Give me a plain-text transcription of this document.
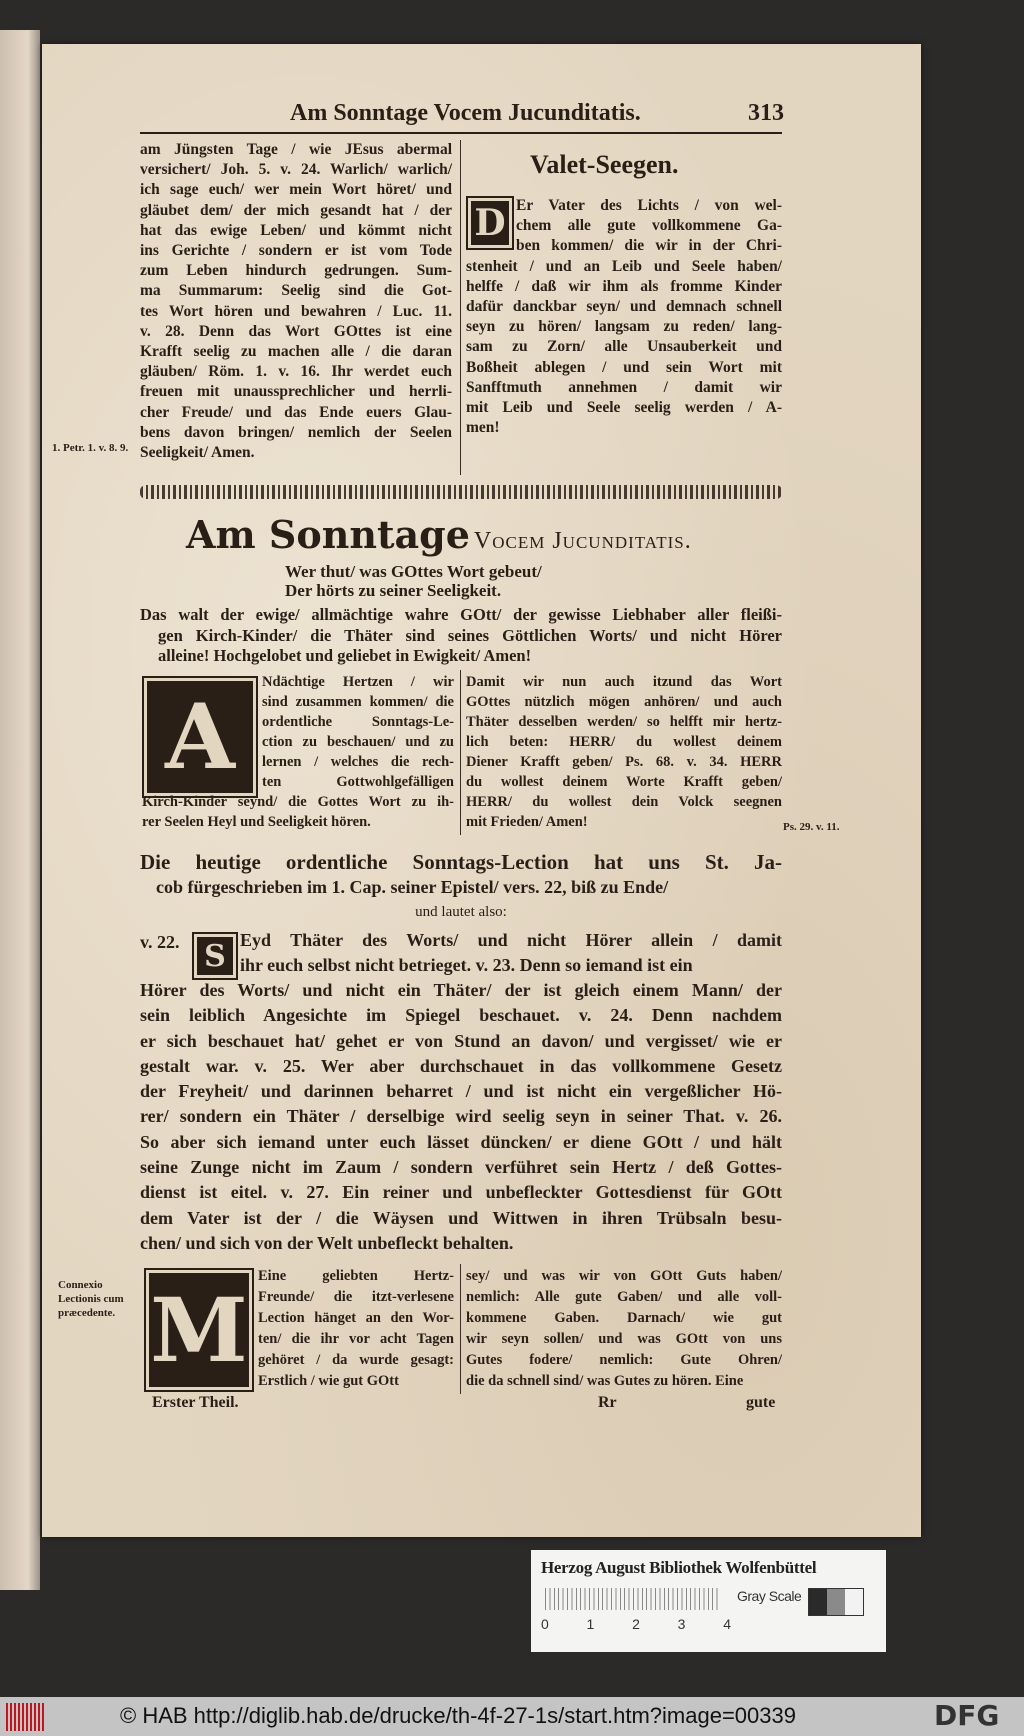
Am Sonntage Vocem Jucunditatis.	313
am Jüngsten Tage / wie JEsus abermal
versichert/ Joh. 5. v. 24. Warlich/ warlich/
ich sage euch/ wer mein Wort höret/ und
gläubet dem/ der mich gesandt hat / der
hat das ewige Leben/ und kömmt nicht
ins Gerichte / sondern er ist vom Tode
zum Leben hindurch gedrungen. Sum-
ma Summarum: Seelig sind die Got-
tes Wort hören und bewahren / Luc. 11.
v. 28. Denn das Wort GOttes ist eine
Krafft seelig zu machen alle / die daran
gläuben/ Röm. 1. v. 16. Ihr werdet euch
freuen mit unaussprechlicher und herrli-
cher Freude/ und das Ende euers Glau-
bens davon bringen/ nemlich der Seelen
Seeligkeit/ Amen.
1. Petr. 1. v. 8. 9.
Valet-Seegen.
D Er Vater des Lichts / von wel-
chem alle gute vollkommene Ga-
ben kommen/ die wir in der Chri-
stenheit / und an Leib und Seele haben/
helffe / daß wir ihm als fromme Kinder
dafür danckbar seyn/ und demnach schnell
seyn zu hören/ langsam zu reden/ lang-
sam zu Zorn/ alle Unsauberkeit und
Boßheit ablegen / und sein Wort mit
Sanfftmuth annehmen / damit wir
mit Leib und Seele seelig werden / A-
men!
Am Sonntage Vocem Jucunditatis.
Wer thut/ was GOttes Wort gebeut/
Der hörts zu seiner Seeligkeit.
Das walt der ewige/ allmächtige wahre GOtt/ der gewisse Liebhaber aller fleißi-
gen Kirch-Kinder/ die Thäter sind seines Göttlichen Worts/ und nicht Hörer
alleine! Hochgelobet und geliebet in Ewigkeit/ Amen!
A
Ndächtige Hertzen / wir
sind zusammen kommen/ die
ordentliche Sonntags-Le-
ction zu beschauen/ und zu
lernen / welches die rech-
ten Gottwohlgefälligen
Kirch-Kinder seynd/ die Gottes Wort zu ih-
rer Seelen Heyl und Seeligkeit hören.
Damit wir nun auch itzund das Wort
GOttes nützlich mögen anhören/ und auch
Thäter desselben werden/ so helfft mir hertz-
lich beten: HERR/ du wollest deinem
Diener Krafft geben/ Ps. 68. v. 34. HERR
du wollest deinem Worte Krafft geben/
HERR/ du wollest dein Volck seegnen
mit Frieden/ Amen!	Ps. 29. v. 11.
Die heutige ordentliche Sonntags-Lection hat uns St. Ja-
cob fürgeschrieben im 1. Cap. seiner Epistel/ vers. 22, biß zu Ende/
und lautet also:
v. 22. S Eyd Thäter des Worts/ und nicht Hörer allein / damit
ihr euch selbst nicht betrieget. v. 23. Denn so iemand ist ein
Hörer des Worts/ und nicht ein Thäter/ der ist gleich einem Mann/ der
sein leiblich Angesichte im Spiegel beschauet. v. 24. Denn nachdem
er sich beschauet hat/ gehet er von Stund an davon/ und vergisset/ wie er
gestalt war. v. 25. Wer aber durchschauet in das vollkommene Gesetz
der Freyheit/ und darinnen beharret / und ist nicht ein vergeßlicher Hö-
rer/ sondern ein Thäter / derselbige wird seelig seyn in seiner That. v. 26.
So aber sich iemand unter euch lässet düncken/ er diene GOtt / und hält
seine Zunge nicht im Zaum / sondern verführet sein Hertz / deß Gottes-
dienst ist eitel. v. 27. Ein reiner und unbefleckter Gottesdienst für GOtt
dem Vater ist der / die Wäysen und Wittwen in ihren Trübsaln besu-
chen/ und sich von der Welt unbefleckt behalten.
Connexio Lectionis cum præcedente. M
Eine geliebten Hertz-
Freunde/ die itzt-verlesene
Lection hänget an den Wor-
ten/ die ihr vor acht Tagen
gehöret / da wurde gesagt:
Erstlich / wie gut GOtt
Erster Theil.
sey/ und was wir von GOtt Guts haben/
nemlich: Alle gute Gaben/ und alle voll-
kommene Gaben. Darnach/ wie gut
wir seyn sollen/ und was GOtt von uns
Gutes fodere/ nemlich: Gute Ohren/
die da schnell sind/ was Gutes zu hören. Eine
Rr	gute
Herzog August Bibliothek Wolfenbüttel
0	1	2	3	4
Gray Scale
© HAB http://diglib.hab.de/drucke/th-4f-27-1s/start.htm?image=00339	DFG
